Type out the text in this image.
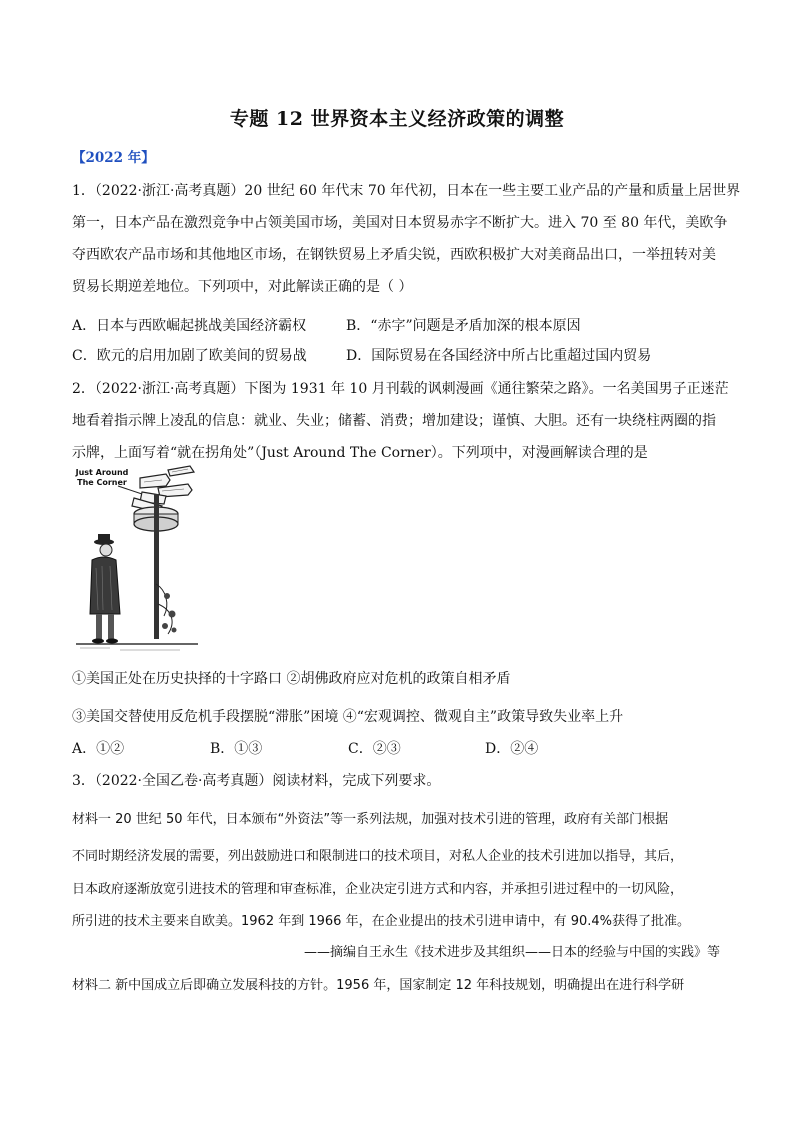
专题 12 世界资本主义经济政策的调整
【2022 年】
1．（2022·浙江·高考真题）20 世纪 60 年代末 70 年代初，日本在一些主要工业产品的产量和质量上居世界
第一，日本产品在激烈竞争中占领美国市场，美国对日本贸易赤字不断扩大。进入 70 至 80 年代，美欧争
夺西欧农产品市场和其他地区市场，在钢铁贸易上矛盾尖锐，西欧积极扩大对美商品出口，一举扭转对美
贸易长期逆差地位。下列项中，对此解读正确的是（ ）
A．日本与西欧崛起挑战美国经济霸权	B．“赤字”问题是矛盾加深的根本原因
C．欧元的启用加剧了欧美间的贸易战	D．国际贸易在各国经济中所占比重超过国内贸易
2．（2022·浙江·高考真题）下图为 1931 年 10 月刊载的讽刺漫画《通往繁荣之路》。一名美国男子正迷茫
地看着指示牌上凌乱的信息：就业、失业；储蓄、消费；增加建设；谨慎、大胆。还有一块绕柱两圈的指
示牌，上面写着“就在拐角处”（Just Around The Corner）。下列项中，对漫画解读合理的是
Just Around The Corner
①美国正处在历史抉择的十字路口 ②胡佛政府应对危机的政策自相矛盾
③美国交替使用反危机手段摆脱“滞胀”困境 ④“宏观调控、微观自主”政策导致失业率上升
A．①②	B．①③	C．②③	D．②④
3．（2022·全国乙卷·高考真题）阅读材料，完成下列要求。
材料一 20 世纪 50 年代，日本颁布“外资法”等一系列法规，加强对技术引进的管理，政府有关部门根据
不同时期经济发展的需要，列出鼓励进口和限制进口的技术项目，对私人企业的技术引进加以指导，其后，
日本政府逐渐放宽引进技术的管理和审查标准，企业决定引进方式和内容，并承担引进过程中的一切风险，
所引进的技术主要来自欧美。1962 年到 1966 年，在企业提出的技术引进申请中，有 90.4%获得了批准。
——摘编自王永生《技术进步及其组织——日本的经验与中国的实践》等
材料二 新中国成立后即确立发展科技的方针。1956 年，国家制定 12 年科技规划，明确提出在进行科学研
